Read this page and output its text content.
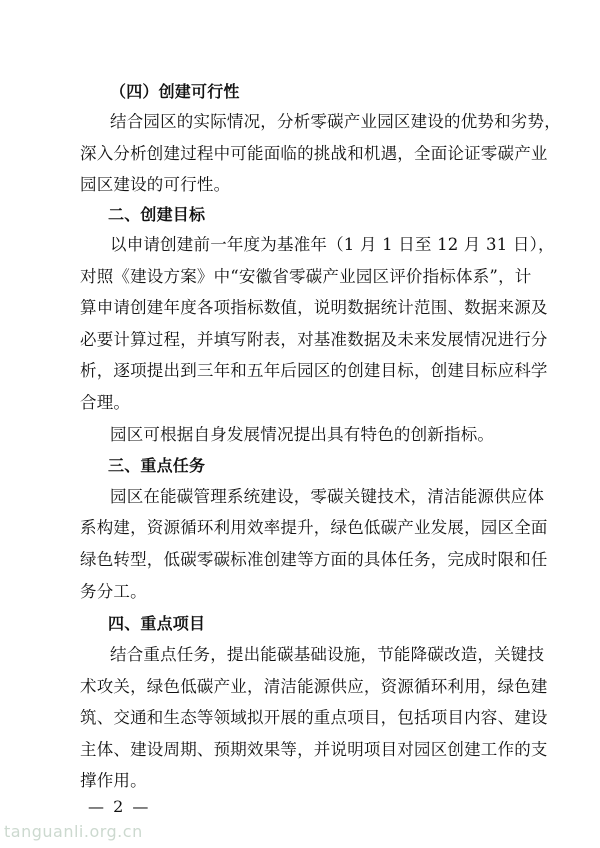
（四）创建可行性
结合园区的实际情况，分析零碳产业园区建设的优势和劣势，
深入分析创建过程中可能面临的挑战和机遇，全面论证零碳产业
园区建设的可行性。
二、创建目标
以申请创建前一年度为基准年（1 月 1 日至 12 月 31 日），
对照《建设方案》中“安徽省零碳产业园区评价指标体系”，计
算申请创建年度各项指标数值，说明数据统计范围、数据来源及
必要计算过程，并填写附表，对基准数据及未来发展情况进行分
析，逐项提出到三年和五年后园区的创建目标，创建目标应科学
合理。
园区可根据自身发展情况提出具有特色的创新指标。
三、重点任务
园区在能碳管理系统建设，零碳关键技术，清洁能源供应体
系构建，资源循环利用效率提升，绿色低碳产业发展，园区全面
绿色转型，低碳零碳标准创建等方面的具体任务，完成时限和任
务分工。
四、重点项目
结合重点任务，提出能碳基础设施，节能降碳改造，关键技
术攻关，绿色低碳产业，清洁能源供应，资源循环利用，绿色建
筑、交通和生态等领域拟开展的重点项目，包括项目内容、建设
主体、建设周期、预期效果等，并说明项目对园区创建工作的支
撑作用。
tanguanli.org.cn
— 2 —
